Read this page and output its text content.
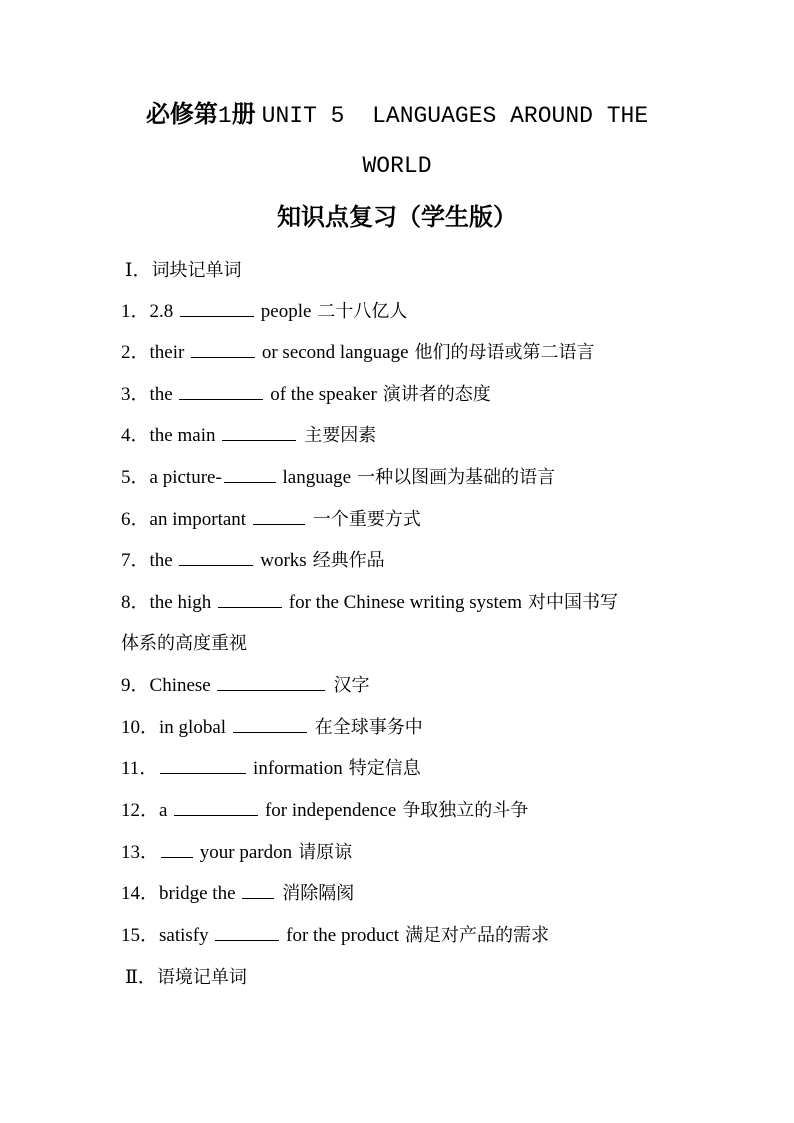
必修第1册 UNIT 5  LANGUAGES AROUND THE
WORLD
知识点复习（学生版）
Ⅰ．词块记单词
1．2.8	people 二十八亿人
2．their	or second language 他们的母语或第二语言
3．the	of the speaker 演讲者的态度
4．the main	主要因素
5．a picture-	language 一种以图画为基础的语言
6．an important	一个重要方式
7．the	works 经典作品
8．the high	for the Chinese writing system 对中国书写
体系的高度重视
9．Chinese	汉字
10．in global	在全球事务中
11．	information 特定信息
12．a	for independence 争取独立的斗争
13． your pardon 请原谅
14．bridge the 消除隔阂
15．satisfy	for the product 满足对产品的需求
Ⅱ．语境记单词
